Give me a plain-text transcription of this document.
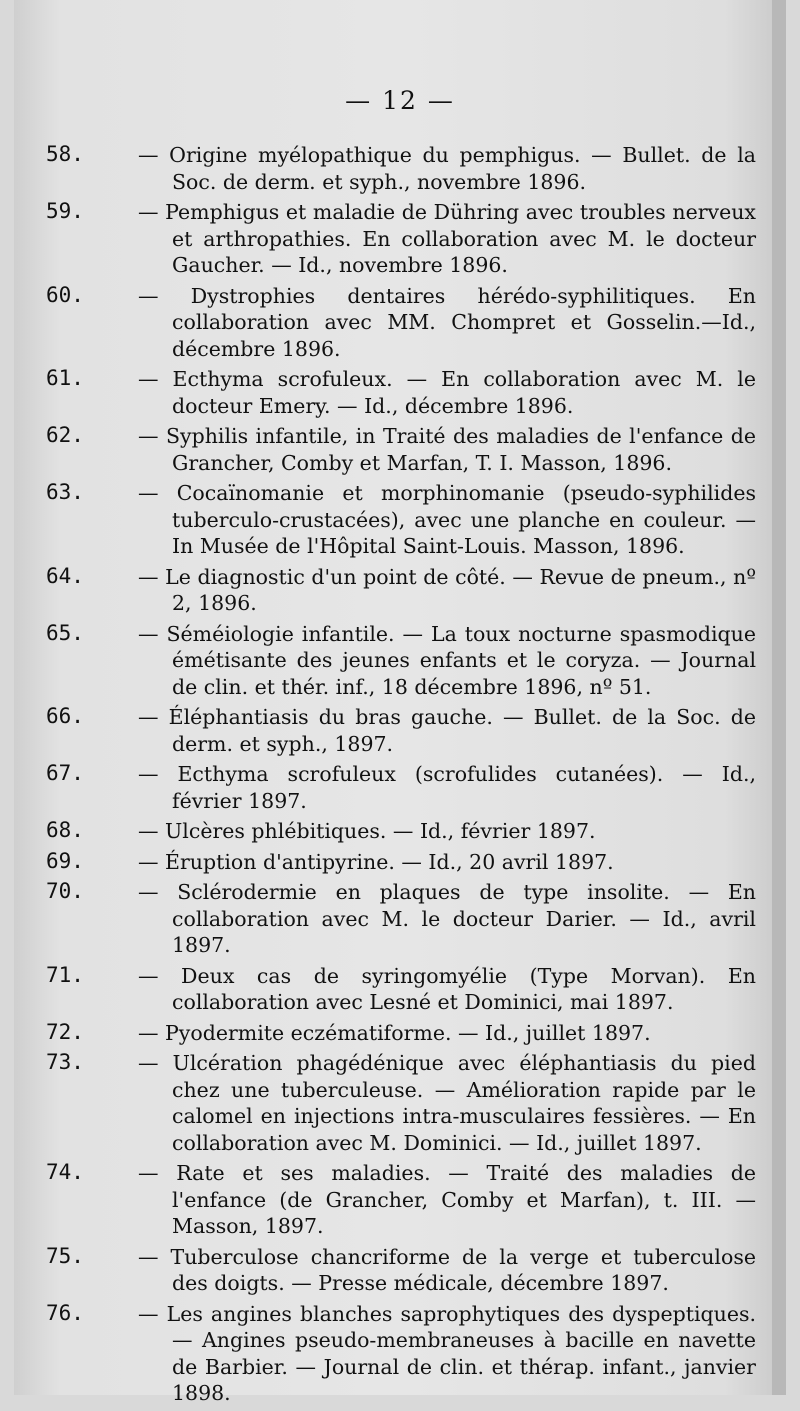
— 12 —
58.	— Origine myélopathique du pemphigus. — Bullet. de la Soc. de derm. et syph., novembre 1896.
59.	— Pemphigus et maladie de Dühring avec troubles nerveux et arthropathies. En collaboration avec M. le docteur Gaucher. — Id., novembre 1896.
60.	— Dystrophies dentaires hérédo-syphilitiques. En collaboration avec MM. Chompret et Gosselin.—Id., décembre 1896.
61.	— Ecthyma scrofuleux. — En collaboration avec M. le docteur Emery. — Id., décembre 1896.
62.	— Syphilis infantile, in Traité des maladies de l'enfance de Grancher, Comby et Marfan, T. I. Masson, 1896.
63.	— Cocaïnomanie et morphinomanie (pseudo-syphilides tuberculo-crustacées), avec une planche en couleur. — In Musée de l'Hôpital Saint-Louis. Masson, 1896.
64.	— Le diagnostic d'un point de côté. — Revue de pneum., nº 2, 1896.
65.	— Séméiologie infantile. — La toux nocturne spasmodique émétisante des jeunes enfants et le coryza. — Journal de clin. et thér. inf., 18 décembre 1896, nº 51.
66.	— Éléphantiasis du bras gauche. — Bullet. de la Soc. de derm. et syph., 1897.
67.	— Ecthyma scrofuleux (scrofulides cutanées). — Id., février 1897.
68.	— Ulcères phlébitiques. — Id., février 1897.
69.	— Éruption d'antipyrine. — Id., 20 avril 1897.
70.	— Sclérodermie en plaques de type insolite. — En collaboration avec M. le docteur Darier. — Id., avril 1897.
71.	— Deux cas de syringomyélie (Type Morvan). En collaboration avec Lesné et Dominici, mai 1897.
72.	— Pyodermite eczématiforme. — Id., juillet 1897.
73.	— Ulcération phagédénique avec éléphantiasis du pied chez une tuberculeuse. — Amélioration rapide par le calomel en injections intra-musculaires fessières. — En collaboration avec M. Dominici. — Id., juillet 1897.
74.	— Rate et ses maladies. — Traité des maladies de l'enfance (de Grancher, Comby et Marfan), t. III. — Masson, 1897.
75.	— Tuberculose chancriforme de la verge et tuberculose des doigts. — Presse médicale, décembre 1897.
76.	— Les angines blanches saprophytiques des dyspeptiques. — Angines pseudo-membraneuses à bacille en navette de Barbier. — Journal de clin. et thérap. infant., janvier 1898.
